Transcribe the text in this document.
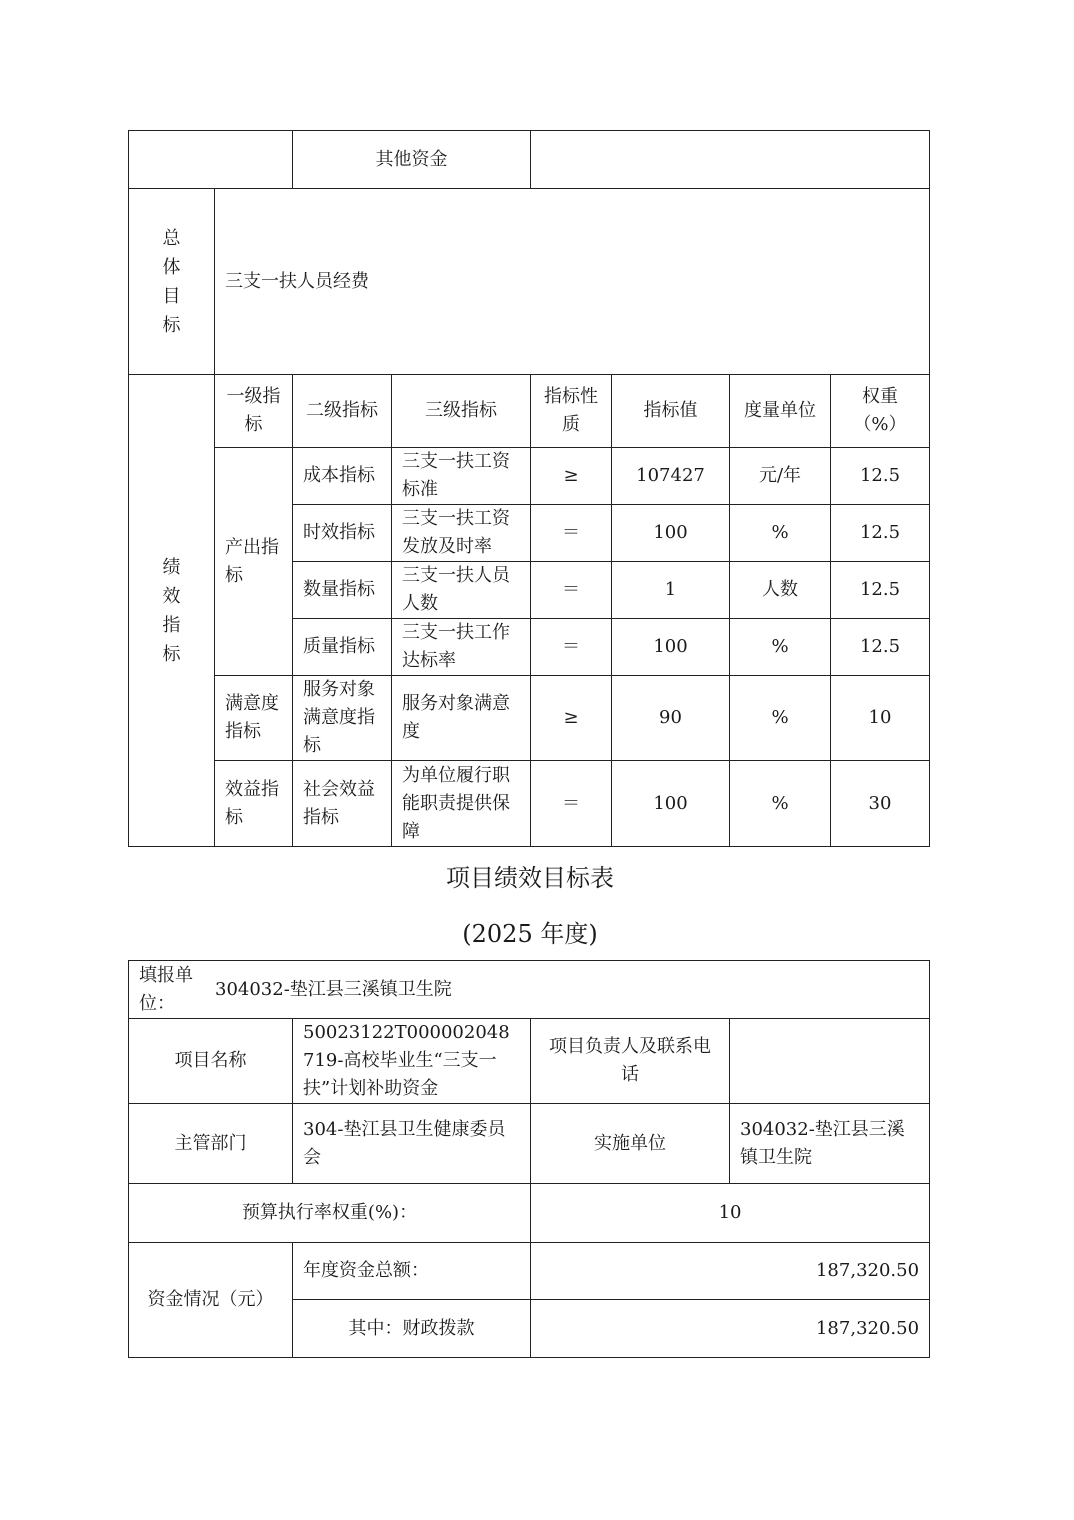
		其他资金					
总
体
目
标	三支一扶人员经费						
绩
效
指
标	一级指标	二级指标	三级指标	指标性质	指标值	度量单位	权重（%）
	产出指标	成本指标	三支一扶工资标准	≥	107427	元/年	12.5
		时效指标	三支一扶工资发放及时率	＝	100	%	12.5
		数量指标	三支一扶人员人数	＝	1	人数	12.5
		质量指标	三支一扶工作达标率	＝	100	%	12.5
	满意度指标	服务对象满意度指标	服务对象满意度	≥	90	%	10
	效益指标	社会效益指标	为单位履行职能职责提供保障	＝	100	%	30
项目绩效目标表
(2025 年度)
填报单位：304032-垫江县三溪镇卫生院			
项目名称	50023122T000002048719-高校毕业生“三支一扶”计划补助资金	项目负责人及联系电话	
主管部门	304-垫江县卫生健康委员会	实施单位	304032-垫江县三溪镇卫生院
预算执行率权重(%)：		10	
资金情况（元）	年度资金总额：	187,320.50	
	其中：财政拨款	187,320.50	
